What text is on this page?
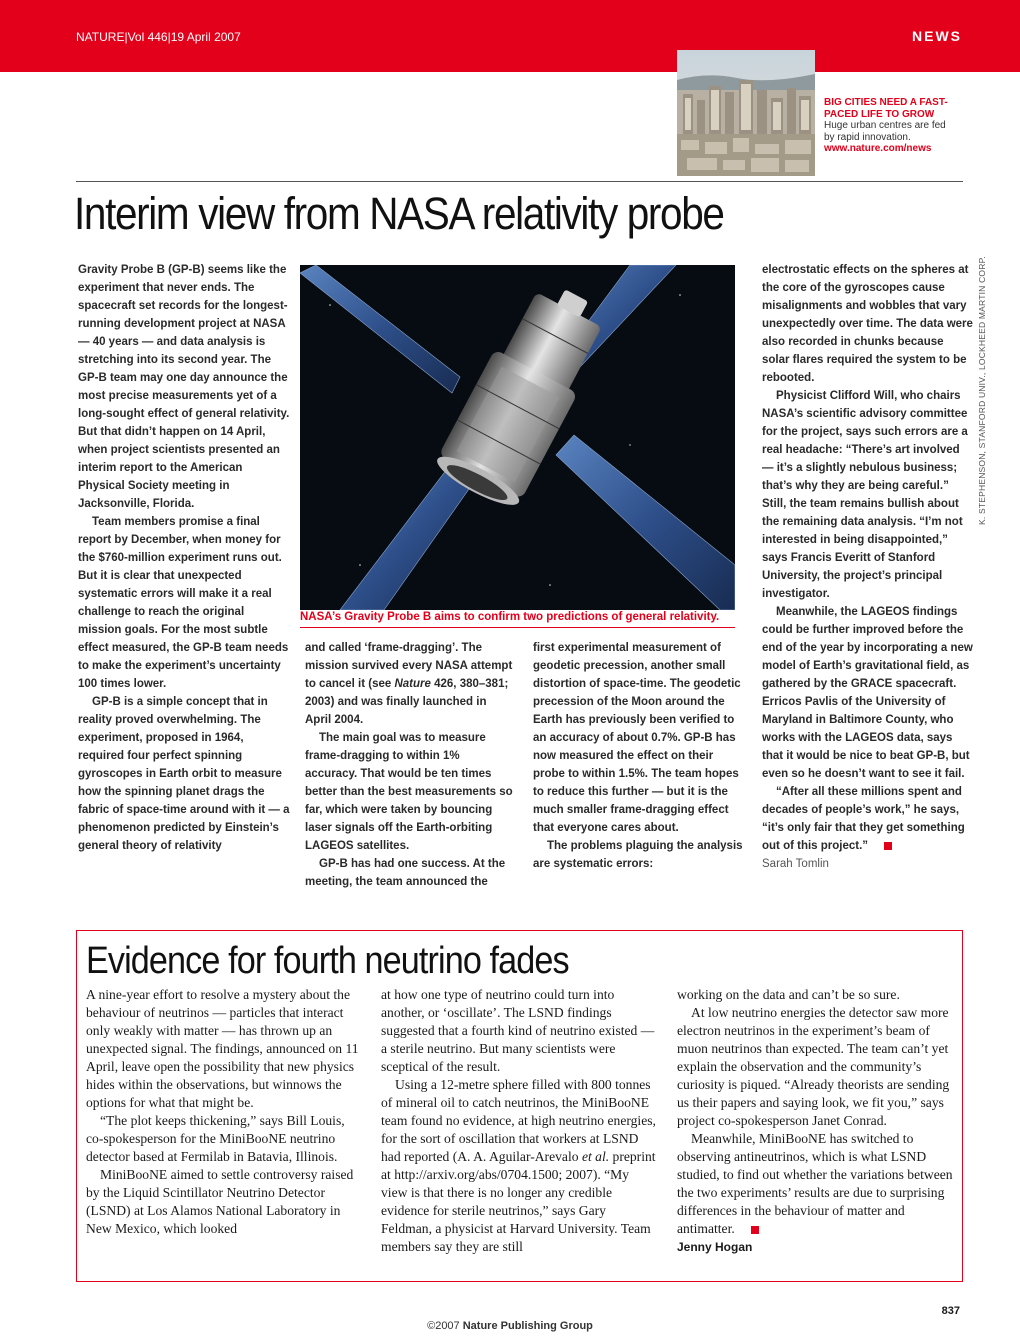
NATURE|Vol 446|19 April 2007	NEWS
BIG CITIES NEED A FAST-
PACED LIFE TO GROW
Huge urban centres are fed
by rapid innovation.
www.nature.com/news
Interim view from NASA relativity probe

Gravity Probe B (GP-B) seems like the experiment that never ends. The spacecraft set records for the longest-running development project at NASA — 40 years — and data analysis is stretching into its second year. The GP-B team may one day announce the most precise measurements yet of a long-sought effect of general relativity. But that didn’t happen on 14 April, when project scientists presented an interim report to the American Physical Society meeting in Jacksonville, Florida.

Team members promise a final report by December, when money for the $760-million experiment runs out. But it is clear that unexpected systematic errors will make it a real challenge to reach the original mission goals. For the most subtle effect measured, the GP-B team needs to make the experiment’s uncertainty 100 times lower.

GP-B is a simple concept that in reality proved overwhelming. The experiment, proposed in 1964, required four perfect spinning gyroscopes in Earth orbit to measure how the spinning planet drags the fabric of space-time around with it — a phenomenon predicted by Einstein’s general theory of relativity

NASA’s Gravity Probe B aims to confirm two predictions of general relativity.

and called ‘frame-dragging’. The mission survived every NASA attempt to cancel it (see Nature 426, 380–381; 2003) and was finally launched in April 2004.

The main goal was to measure frame-dragging to within 1% accuracy. That would be ten times better than the best measurements so far, which were taken by bouncing laser signals off the Earth-orbiting LAGEOS satellites.

GP-B has had one success. At the meeting, the team announced the

first experimental measurement of geodetic precession, another small distortion of space-time. The geodetic precession of the Moon around the Earth has previously been verified to an accuracy of about 0.7%. GP-B has now measured the effect on their probe to within 1.5%. The team hopes to reduce this further — but it is the much smaller frame-dragging effect that everyone cares about.

The problems plaguing the analysis are systematic errors:

electrostatic effects on the spheres at the core of the gyroscopes cause misalignments and wobbles that vary unexpectedly over time. The data were also recorded in chunks because solar flares required the system to be rebooted.

Physicist Clifford Will, who chairs NASA’s scientific advisory committee for the project, says such errors are a real headache: “There’s art involved — it’s a slightly nebulous business; that’s why they are being careful.” Still, the team remains bullish about the remaining data analysis. “I’m not interested in being disappointed,” says Francis Everitt of Stanford University, the project’s principal investigator.

Meanwhile, the LAGEOS findings could be further improved before the end of the year by incorporating a new model of Earth’s gravitational field, as gathered by the GRACE spacecraft. Erricos Pavlis of the University of Maryland in Baltimore County, who works with the LAGEOS data, says that it would be nice to beat GP-B, but even so he doesn’t want to see it fail.

“After all these millions spent and decades of people’s work,” he says, “it’s only fair that they get something out of this project.”

Sarah Tomlin

K. STEPHENSON, STANFORD UNIV., LOCKHEED MARTIN CORP.
Evidence for fourth neutrino fades

A nine-year effort to resolve a mystery about the behaviour of neutrinos — particles that interact only weakly with matter — has thrown up an unexpected signal. The findings, announced on 11 April, leave open the possibility that new physics hides within the observations, but winnows the options for what that might be.

“The plot keeps thickening,” says Bill Louis, co-spokesperson for the MiniBooNE neutrino detector based at Fermilab in Batavia, Illinois.

MiniBooNE aimed to settle controversy raised by the Liquid Scintillator Neutrino Detector (LSND) at Los Alamos National Laboratory in New Mexico, which looked

at how one type of neutrino could turn into another, or ‘oscillate’. The LSND findings suggested that a fourth kind of neutrino existed — a sterile neutrino. But many scientists were sceptical of the result.

Using a 12-metre sphere filled with 800 tonnes of mineral oil to catch neutrinos, the MiniBooNE team found no evidence, at high neutrino energies, for the sort of oscillation that workers at LSND had reported (A. A. Aguilar-Arevalo et al. preprint at http://arxiv.org/abs/0704.1500; 2007). “My view is that there is no longer any credible evidence for sterile neutrinos,” says Gary Feldman, a physicist at Harvard University. Team members say they are still

working on the data and can’t be so sure.

At low neutrino energies the detector saw more electron neutrinos in the experiment’s beam of muon neutrinos than expected. The team can’t yet explain the observation and the community’s curiosity is piqued. “Already theorists are sending us their papers and saying look, we fit you,” says project co-spokesperson Janet Conrad.

Meanwhile, MiniBooNE has switched to observing antineutrinos, which is what LSND studied, to find out whether the variations between the two experiments’ results are due to surprising differences in the behaviour of matter and antimatter.

Jenny Hogan

837
©2007 Nature Publishing Group
